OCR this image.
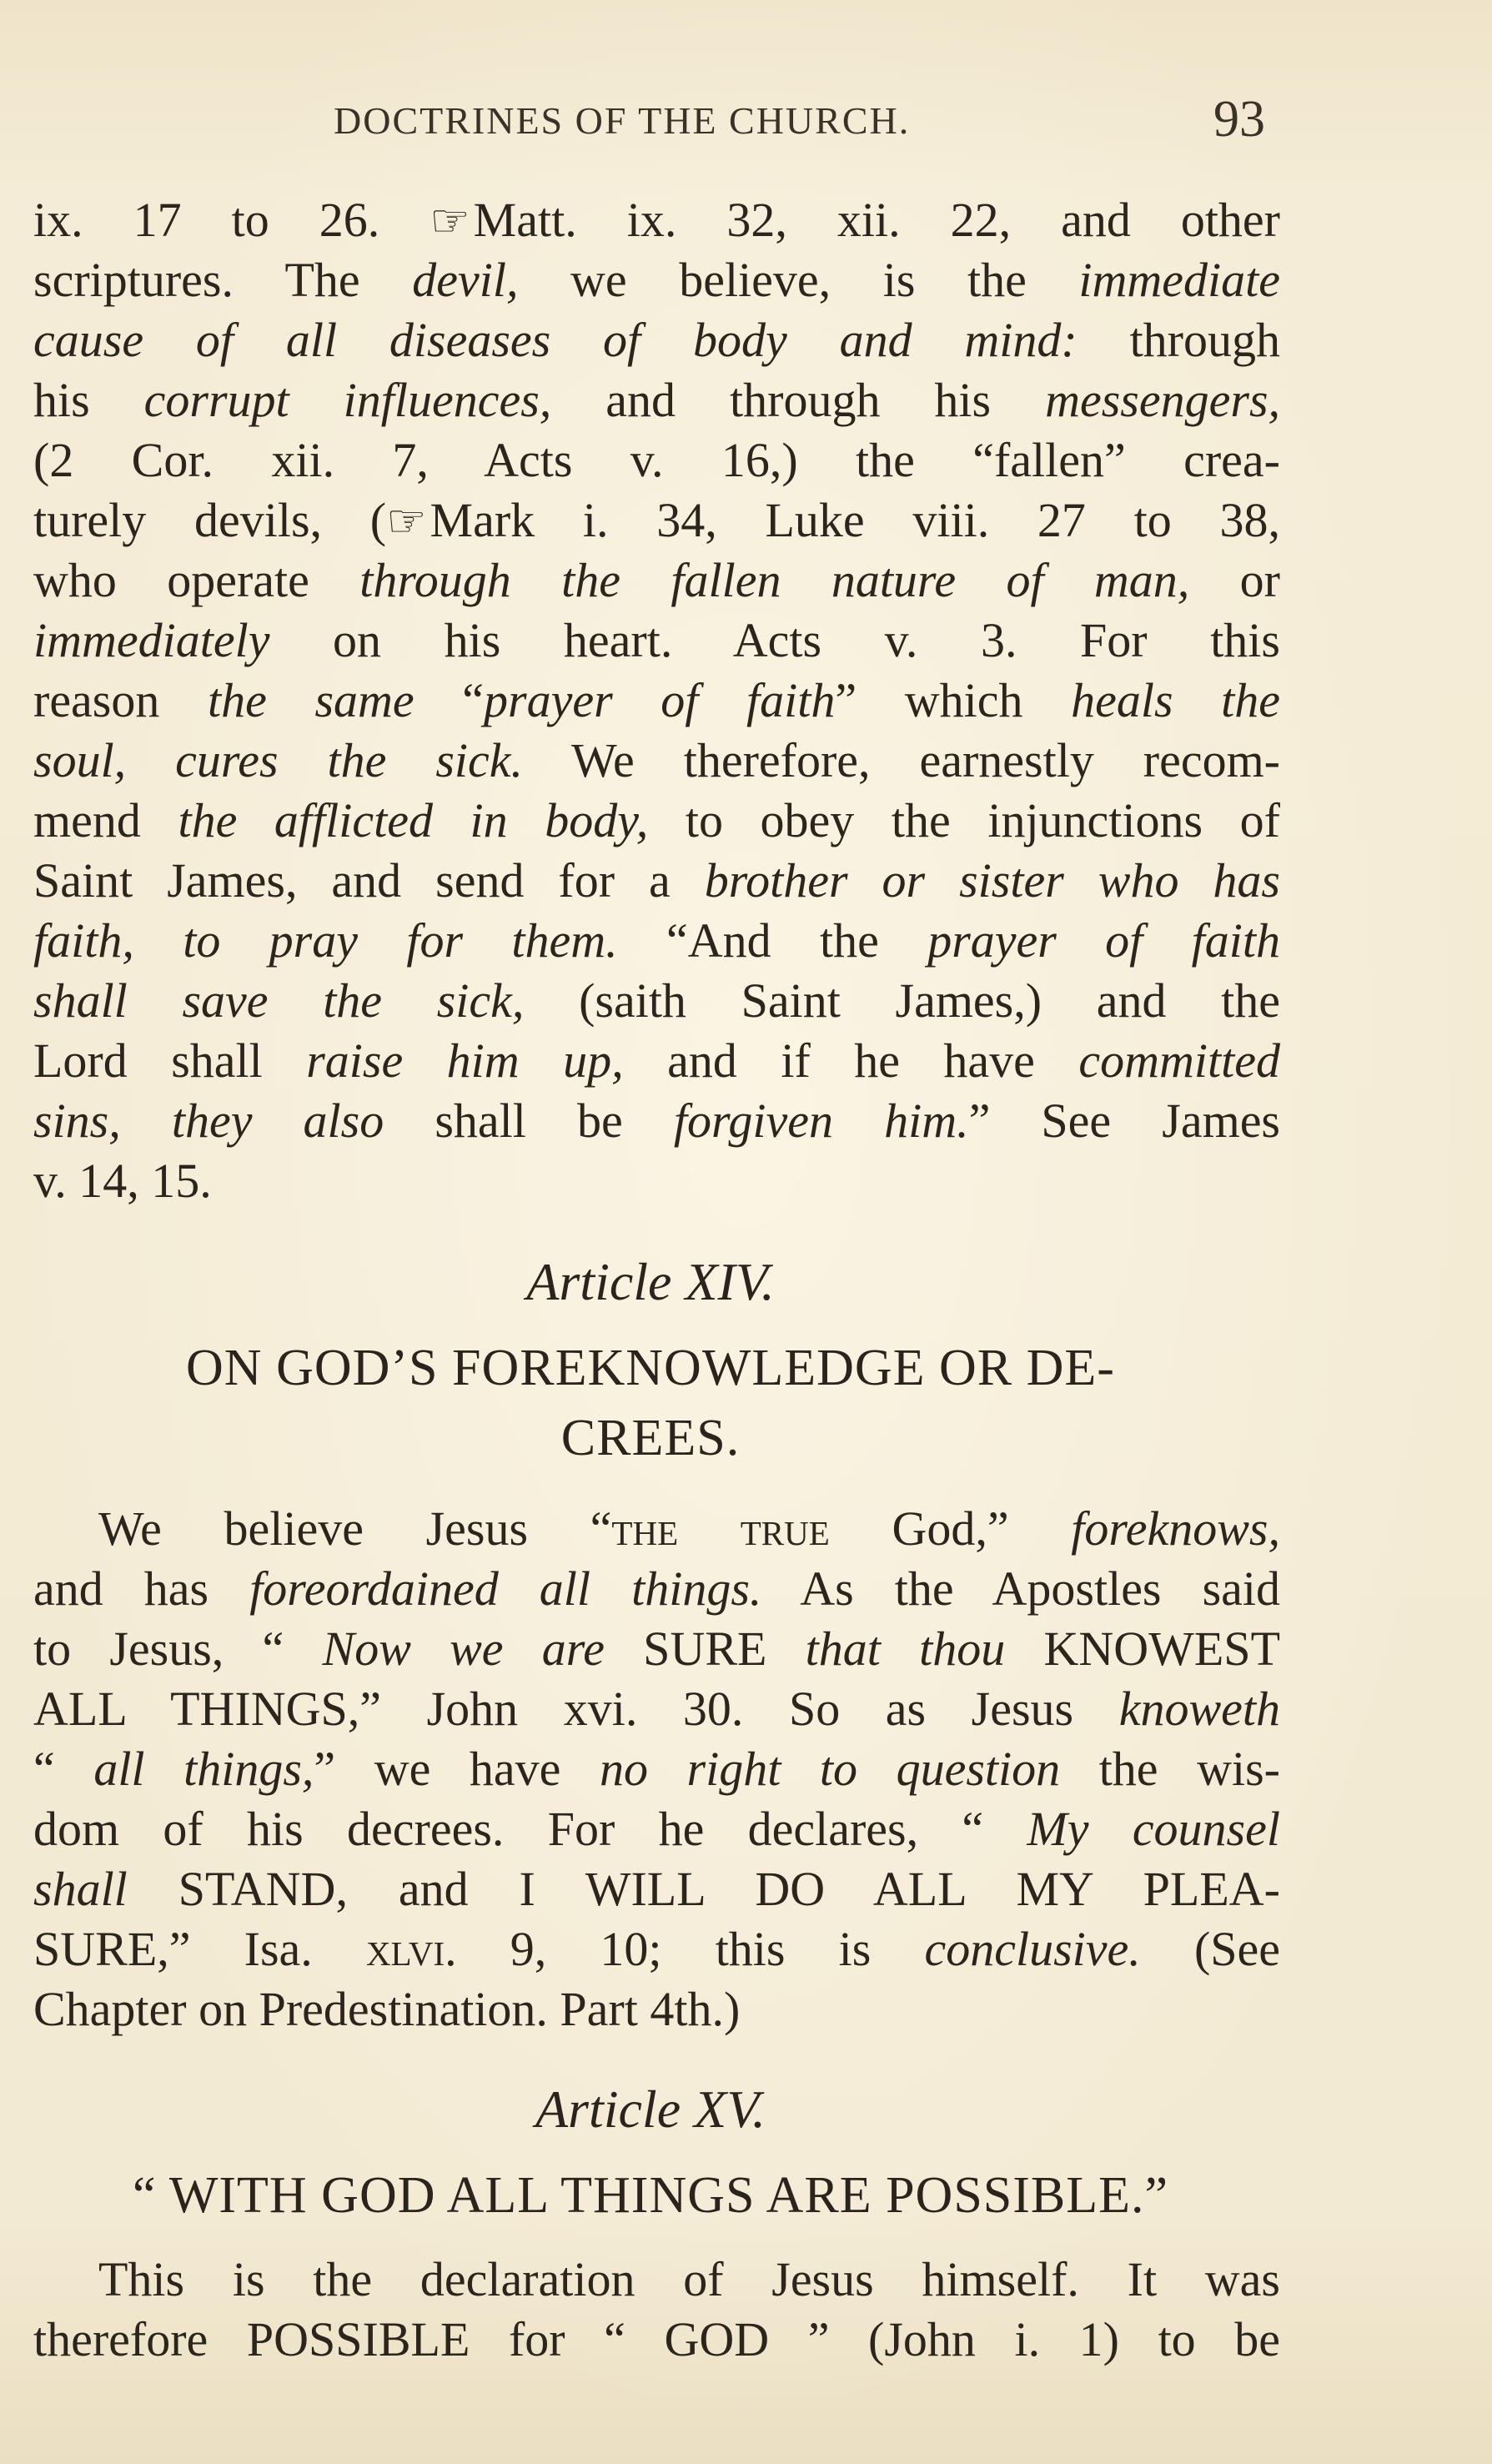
DOCTRINES OF THE CHURCH.	93
ix. 17 to 26. ☞Matt. ix. 32, xii. 22, and other
scriptures. The devil, we believe, is the immediate
cause of all diseases of body and mind: through
his corrupt influences, and through his messengers,
(2 Cor. xii. 7, Acts v. 16,) the “fallen” crea-
turely devils, (☞Mark i. 34, Luke viii. 27 to 38,
who operate through the fallen nature of man, or
immediately on his heart. Acts v. 3. For this
reason the same “prayer of faith” which heals the
soul, cures the sick. We therefore, earnestly recom-
mend the afflicted in body, to obey the injunctions of
Saint James, and send for a brother or sister who has
faith, to pray for them. “And the prayer of faith
shall save the sick, (saith Saint James,) and the
Lord shall raise him up, and if he have committed
sins, they also shall be forgiven him.” See James
v. 14, 15.
Article XIV.
ON GOD’S FOREKNOWLEDGE OR DE-
CREES.
We believe Jesus “the true God,” foreknows,
and has foreordained all things. As the Apostles said
to Jesus, “ Now we are SURE that thou KNOWEST
ALL THINGS,” John xvi. 30. So as Jesus knoweth
“ all things,” we have no right to question the wis-
dom of his decrees. For he declares, “ My counsel
shall STAND, and I WILL DO ALL MY PLEA-
SURE,” Isa. xlvi. 9, 10; this is conclusive. (See
Chapter on Predestination. Part 4th.)
Article XV.
“ WITH GOD ALL THINGS ARE POSSIBLE.”
This is the declaration of Jesus himself. It was
therefore POSSIBLE for “ GOD ” (John i. 1) to be
